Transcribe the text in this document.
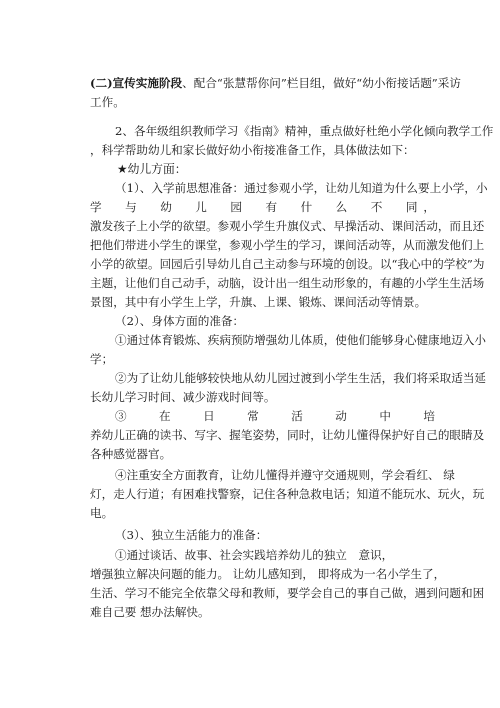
(二)宣传实施阶段、配合“张慧帮你问”栏目组，做好“幼小衔接话题”采访
工作。
2、各年级组织教师学习《指南》精神，重点做好杜绝小学化倾向教学工作
，科学帮助幼儿和家长做好幼小衔接准备工作，具体做法如下：
★幼儿方面：
（1）、入学前思想准备：通过参观小学，让幼儿知道为什么要上小学，小
学　与　幼　儿　园　有　什　么　不　同，
激发孩子上小学的欲望。参观小学生升旗仪式、早操活动、课间活动，而且还
把他们带进小学生的课堂，参观小学生的学习，课间活动等，从而激发他们上
小学的欲望。回园后引导幼儿自己主动参与环境的创设。以“我心中的学校”为
主题，让他们自己动手，动脑，设计出一组生动形象的，有趣的小学生生活场
景图，其中有小学生上学，升旗、上课、锻炼、课间活动等情景。
（2）、身体方面的准备：
①通过体育锻炼、疾病预防增强幼儿体质，使他们能够身心健康地迈入小
学；
②为了让幼儿能够较快地从幼儿园过渡到小学生生活，我们将采取适当延
长幼儿学习时间、减少游戏时间等。
③　在　日　常　活　动　中　培
养幼儿正确的读书、写字、握笔姿势，同时，让幼儿懂得保护好自己的眼睛及
各种感觉器官。
④注重安全方面教育，让幼儿懂得并遵守交通规则，学会看红、 绿
灯，走人行道；有困难找警察，记住各种急救电话；知道不能玩水、玩火，玩
电。
（3）、独立生活能力的准备：
①通过谈话、故事、社会实践培养幼儿的独立　意识，
增强独立解决问题的能力。 让幼儿感知到， 即将成为一名小学生了，
生活、学习不能完全依靠父母和教师，要学会自己的事自己做，遇到问题和困
难自己要 想办法解快。
